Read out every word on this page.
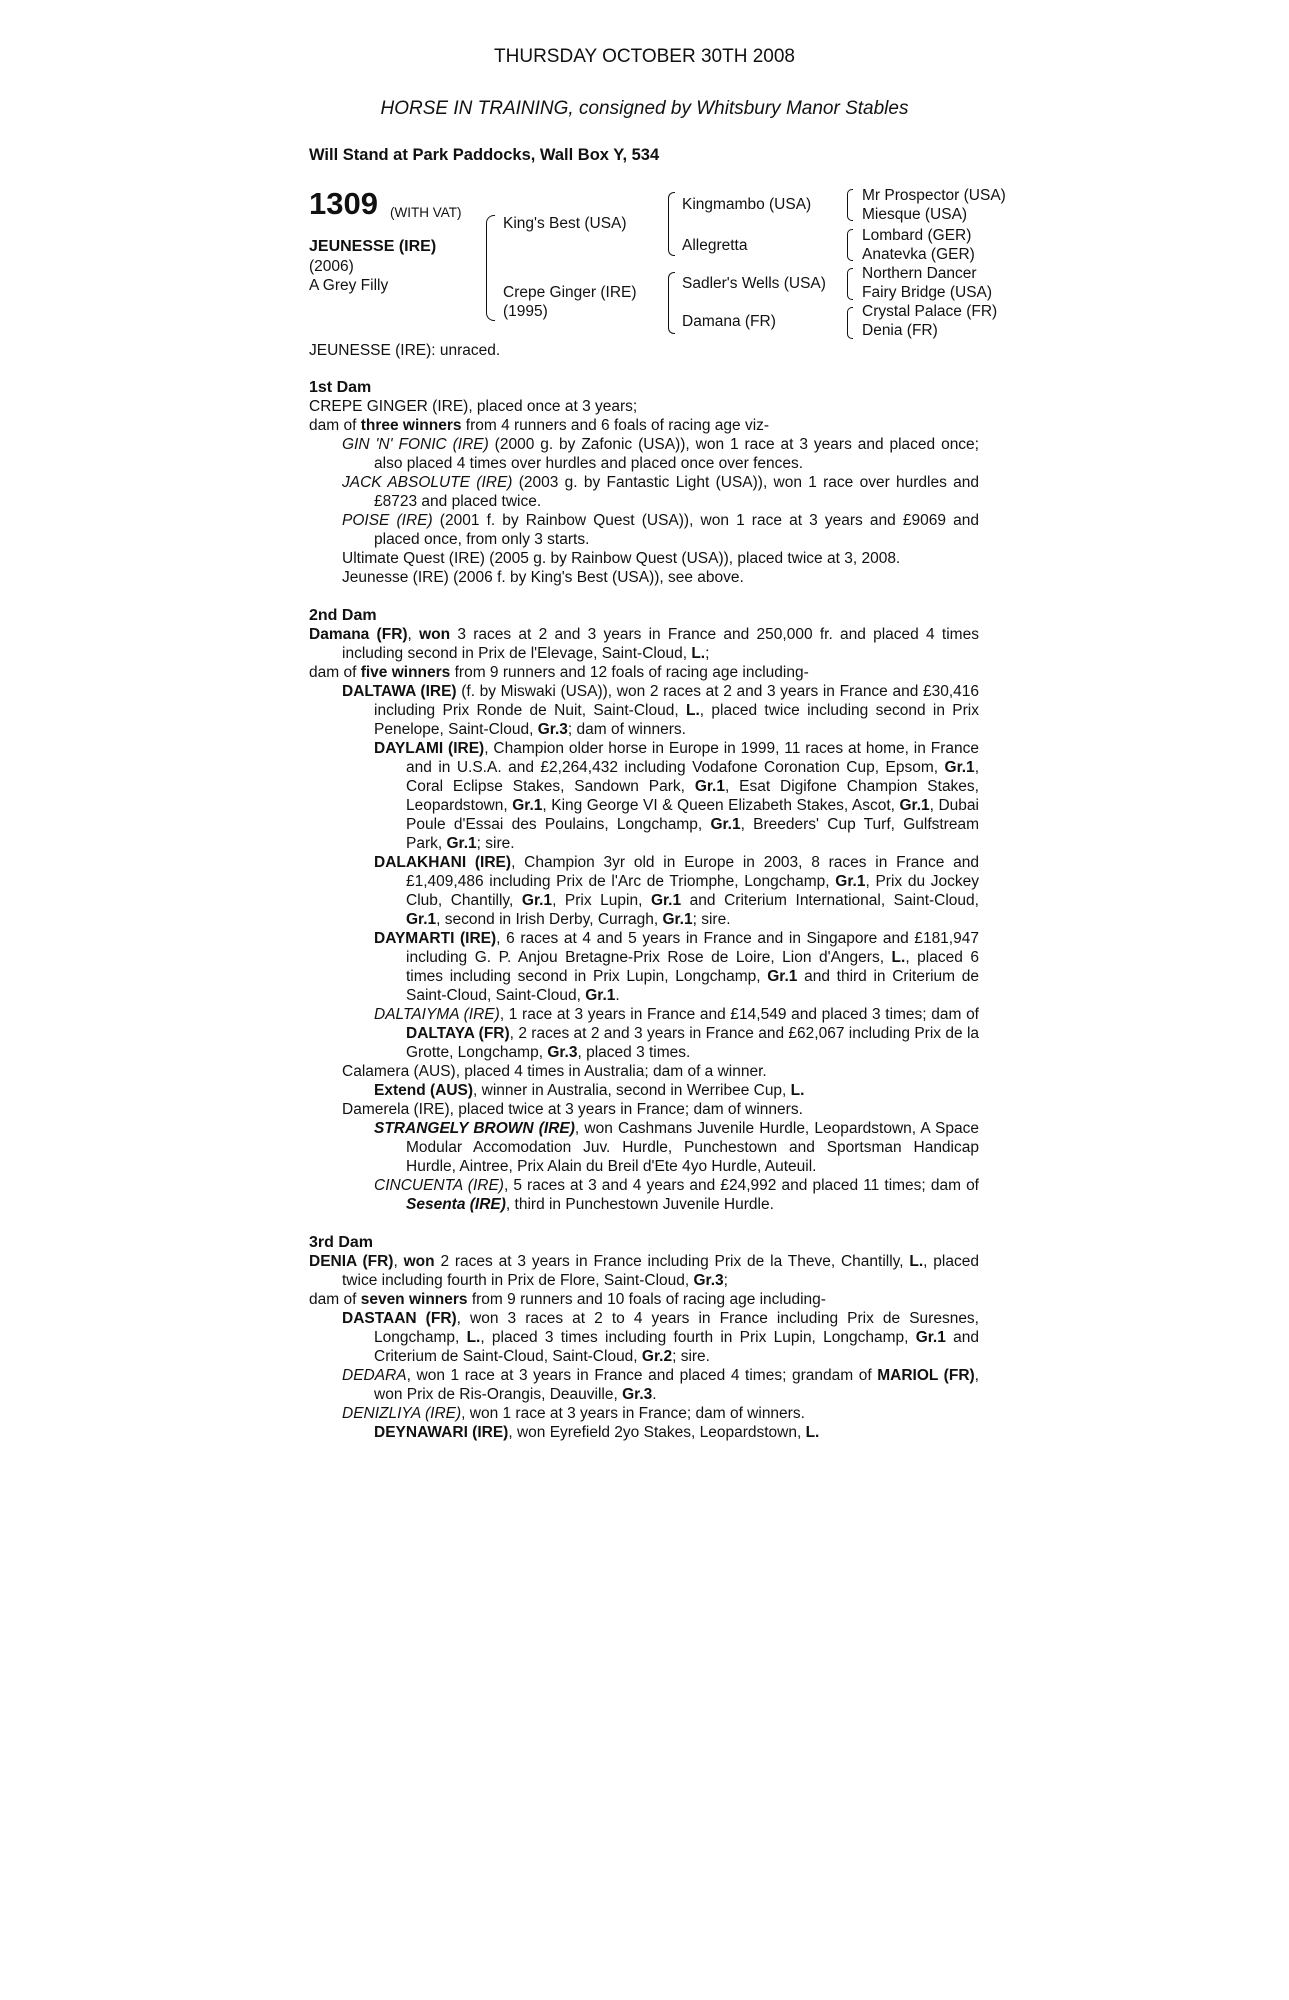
THURSDAY OCTOBER 30TH 2008
HORSE IN TRAINING, consigned by Whitsbury Manor Stables
Will Stand at Park Paddocks, Wall Box Y, 534
1309 (WITH VAT)
JEUNESSE (IRE)
(2006)
A Grey Filly
King's Best (USA)
Crepe Ginger (IRE)
(1995)
Kingmambo (USA)
Allegretta
Sadler's Wells (USA)
Damana (FR)
Mr Prospector (USA)
Miesque (USA)
Lombard (GER)
Anatevka (GER)
Northern Dancer
Fairy Bridge (USA)
Crystal Palace (FR)
Denia (FR)
JEUNESSE (IRE): unraced.

1st Dam

CREPE GINGER (IRE), placed once at 3 years;

dam of three winners from 4 runners and 6 foals of racing age viz-

GIN 'N' FONIC (IRE) (2000 g. by Zafonic (USA)), won 1 race at 3 years and placed once; also placed 4 times over hurdles and placed once over fences.

JACK ABSOLUTE (IRE) (2003 g. by Fantastic Light (USA)), won 1 race over hurdles and £8723 and placed twice.

POISE (IRE) (2001 f. by Rainbow Quest (USA)), won 1 race at 3 years and £9069 and placed once, from only 3 starts.

Ultimate Quest (IRE) (2005 g. by Rainbow Quest (USA)), placed twice at 3, 2008.

Jeunesse (IRE) (2006 f. by King's Best (USA)), see above.

2nd Dam

Damana (FR), won 3 races at 2 and 3 years in France and 250,000 fr. and placed 4 times including second in Prix de l'Elevage, Saint-Cloud, L.;

dam of five winners from 9 runners and 12 foals of racing age including-

DALTAWA (IRE) (f. by Miswaki (USA)), won 2 races at 2 and 3 years in France and £30,416 including Prix Ronde de Nuit, Saint-Cloud, L., placed twice including second in Prix Penelope, Saint-Cloud, Gr.3; dam of winners.

DAYLAMI (IRE), Champion older horse in Europe in 1999, 11 races at home, in France and in U.S.A. and £2,264,432 including Vodafone Coronation Cup, Epsom, Gr.1, Coral Eclipse Stakes, Sandown Park, Gr.1, Esat Digifone Champion Stakes, Leopardstown, Gr.1, King George VI & Queen Elizabeth Stakes, Ascot, Gr.1, Dubai Poule d'Essai des Poulains, Longchamp, Gr.1, Breeders' Cup Turf, Gulfstream Park, Gr.1; sire.

DALAKHANI (IRE), Champion 3yr old in Europe in 2003, 8 races in France and £1,409,486 including Prix de l'Arc de Triomphe, Longchamp, Gr.1, Prix du Jockey Club, Chantilly, Gr.1, Prix Lupin, Gr.1 and Criterium International, Saint-Cloud, Gr.1, second in Irish Derby, Curragh, Gr.1; sire.

DAYMARTI (IRE), 6 races at 4 and 5 years in France and in Singapore and £181,947 including G. P. Anjou Bretagne-Prix Rose de Loire, Lion d'Angers, L., placed 6 times including second in Prix Lupin, Longchamp, Gr.1 and third in Criterium de Saint-Cloud, Saint-Cloud, Gr.1.

DALTAIYMA (IRE), 1 race at 3 years in France and £14,549 and placed 3 times; dam of DALTAYA (FR), 2 races at 2 and 3 years in France and £62,067 including Prix de la Grotte, Longchamp, Gr.3, placed 3 times.

Calamera (AUS), placed 4 times in Australia; dam of a winner.

Extend (AUS), winner in Australia, second in Werribee Cup, L.

Damerela (IRE), placed twice at 3 years in France; dam of winners.

STRANGELY BROWN (IRE), won Cashmans Juvenile Hurdle, Leopardstown, A Space Modular Accomodation Juv. Hurdle, Punchestown and Sportsman Handicap Hurdle, Aintree, Prix Alain du Breil d'Ete 4yo Hurdle, Auteuil.

CINCUENTA (IRE), 5 races at 3 and 4 years and £24,992 and placed 11 times; dam of Sesenta (IRE), third in Punchestown Juvenile Hurdle.

3rd Dam

DENIA (FR), won 2 races at 3 years in France including Prix de la Theve, Chantilly, L., placed twice including fourth in Prix de Flore, Saint-Cloud, Gr.3;

dam of seven winners from 9 runners and 10 foals of racing age including-

DASTAAN (FR), won 3 races at 2 to 4 years in France including Prix de Suresnes, Longchamp, L., placed 3 times including fourth in Prix Lupin, Longchamp, Gr.1 and Criterium de Saint-Cloud, Saint-Cloud, Gr.2; sire.

DEDARA, won 1 race at 3 years in France and placed 4 times; grandam of MARIOL (FR), won Prix de Ris-Orangis, Deauville, Gr.3.

DENIZLIYA (IRE), won 1 race at 3 years in France; dam of winners.

DEYNAWARI (IRE), won Eyrefield 2yo Stakes, Leopardstown, L.
